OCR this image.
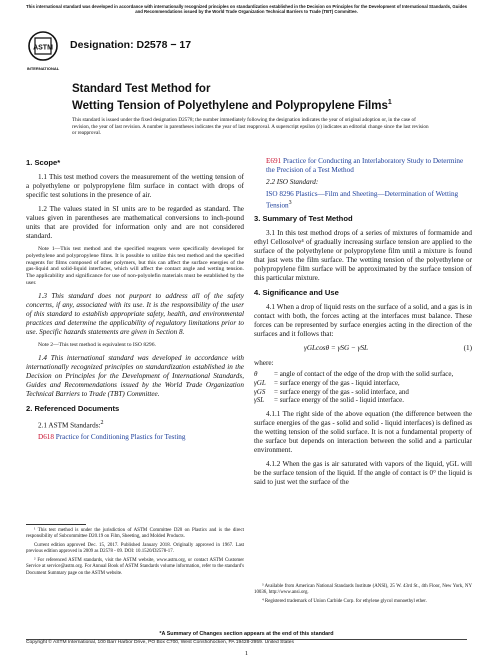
This international standard was developed in accordance with internationally recognized principles on standardization established in the Decision on Principles for the Development of International Standards, Guides and Recommendations issued by the World Trade Organization Technical Barriers to Trade (TBT) Committee.
ASTM
INTERNATIONAL
Designation: D2578 − 17
Standard Test Method for
Wetting Tension of Polyethylene and Polypropylene Films$^1$
This standard is issued under the fixed designation D2578; the number immediately following the designation indicates the year of original adoption or, in the case of revision, the year of last revision. A number in parentheses indicates the year of last reapproval. A superscript epsilon (ε) indicates an editorial change since the last revision or reapproval.
1. Scope*

1.1 This test method covers the measurement of the wetting tension of a polyethylene or polypropylene film surface in contact with drops of specific test solutions in the presence of air.

1.2 The values stated in SI units are to be regarded as standard. The values given in parentheses are mathematical conversions to inch-pound units that are provided for information only and are not considered standard.

Note 1—This test method and the specified reagents were specifically developed for polyethylene and polypropylene films. It is possible to utilize this test method and the specified reagents for films composed of other polymers, but this can affect the surface energies of the gas-liquid and solid-liquid interfaces, which will affect the contact angle and wetting tension. The applicability and significance for use of non-polyolefin materials must be established by the user.

1.3 This standard does not purport to address all of the safety concerns, if any, associated with its use. It is the responsibility of the user of this standard to establish appropriate safety, health, and environmental practices and determine the applicability of regulatory limitations prior to use. Specific hazards statements are given in Section 8.

Note 2—This test method is equivalent to ISO 8296.

1.4 This international standard was developed in accordance with internationally recognized principles on standardization established in the Decision on Principles for the Development of International Standards, Guides and Recommendations issued by the World Trade Organization Technical Barriers to Trade (TBT) Committee.

2. Referenced Documents
2.1 ASTM Standards:$^2$
D618 Practice for Conditioning Plastics for Testing
E691 Practice for Conducting an Interlaboratory Study to Determine the Precision of a Test Method
2.2 ISO Standard:
ISO 8296 Plastics—Film and Sheeting—Determination of Wetting Tension$^3$
3. Summary of Test Method

3.1 In this test method drops of a series of mixtures of formamide and ethyl Cellosolve⁴ of gradually increasing surface tension are applied to the surface of the polyethylene or polypropylene film until a mixture is found that just wets the film surface. The wetting tension of the polyethylene or polypropylene film surface will be approximated by the surface tension of this particular mixture.

4. Significance and Use

4.1 When a drop of liquid rests on the surface of a solid, and a gas is in contact with both, the forces acting at the interfaces must balance. These forces can be represented by surface energies acting in the direction of the surfaces and it follows that:

γGLcosθ = γSG − γSL	(1)
where:
θ	= angle of contact of the edge of the drop with the solid surface,
γGL	= surface energy of the gas - liquid interface,
γGS	= surface energy of the gas - solid interface, and
γSL	= surface energy of the solid - liquid interface.

4.1.1 The right side of the above equation (the difference between the surface energies of the gas - solid and solid - liquid interfaces) is defined as the wetting tension of the solid surface. It is not a fundamental property of the surface but depends on interaction between the solid and a particular environment.

4.1.2 When the gas is air saturated with vapors of the liquid, γGL will be the surface tension of the liquid. If the angle of contact is 0° the liquid is said to just wet the surface of the

¹ This test method is under the jurisdiction of ASTM Committee D20 on Plastics and is the direct responsibility of Subcommittee D20.19 on Film, Sheeting, and Molded Products.

Current edition approved Dec. 15, 2017. Published January 2018. Originally approved in 1967. Last previous edition approved in 2009 as D2578 - 09. DOI: 10.1520/D2578-17.

² For referenced ASTM standards, visit the ASTM website, www.astm.org, or contact ASTM Customer Service at service@astm.org. For Annual Book of ASTM Standards volume information, refer to the standard's Document Summary page on the ASTM website.

³ Available from American National Standards Institute (ANSI), 25 W. 43rd St., 4th Floor, New York, NY 10036, http://www.ansi.org.

⁴ Registered trademark of Union Carbide Corp. for ethylene glycol monoethyl ether.

*A Summary of Changes section appears at the end of this standard
Copyright © ASTM International, 100 Barr Harbor Drive, PO Box C700, West Conshohocken, PA 19428-2959. United States
1
